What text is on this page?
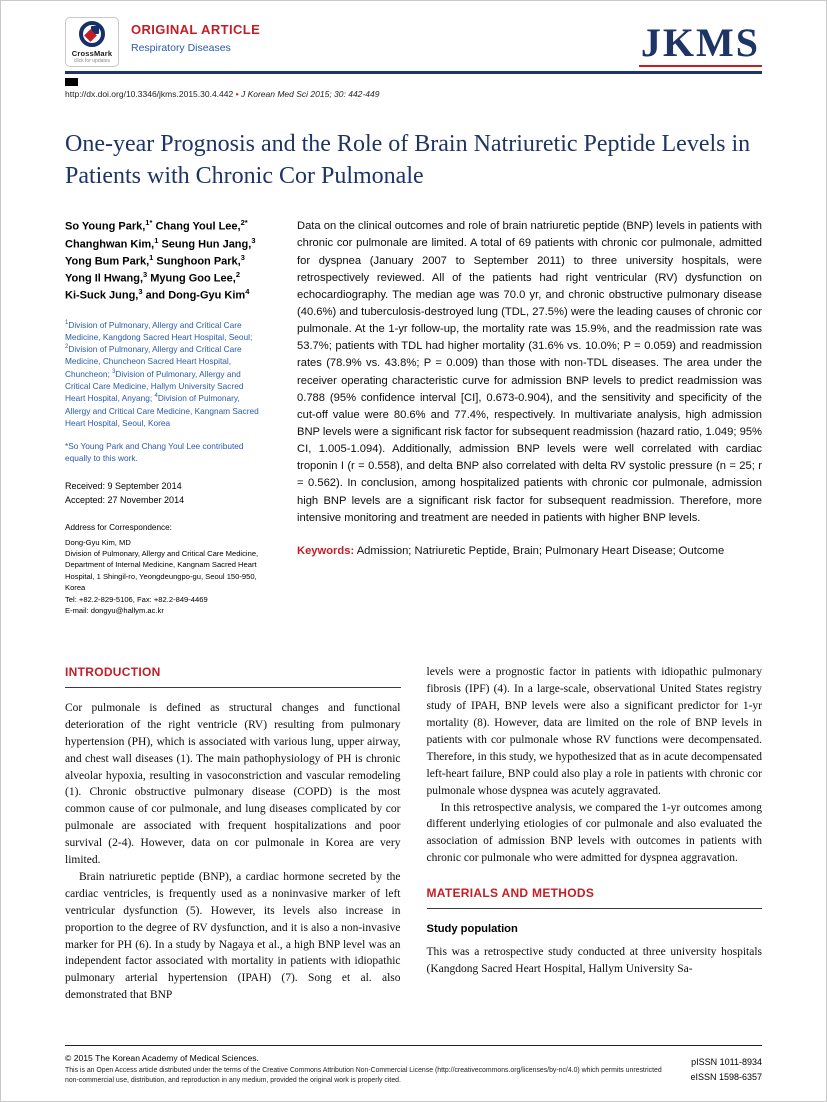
CrossMark
click for updates
ORIGINAL ARTICLE
Respiratory Diseases	JKMS
http://dx.doi.org/10.3346/jkms.2015.30.4.442 • J Korean Med Sci 2015; 30: 442-449
One-year Prognosis and the Role of Brain Natriuretic Peptide Levels in Patients with Chronic Cor Pulmonale
So Young Park,$^{1*}$ Chang Youl Lee,$^{2*}$
Changhwan Kim,$^1$ Seung Hun Jang,$^3$
Yong Bum Park,$^1$ Sunghoon Park,$^3$
Yong Il Hwang,$^3$ Myung Goo Lee,$^2$
Ki-Suck Jung,$^3$ and Dong-Gyu Kim$^4$

$^1$Division of Pulmonary, Allergy and Critical Care Medicine, Kangdong Sacred Heart Hospital, Seoul; $^2$Division of Pulmonary, Allergy and Critical Care Medicine, Chuncheon Sacred Heart Hospital, Chuncheon; $^3$Division of Pulmonary, Allergy and Critical Care Medicine, Hallym University Sacred Heart Hospital, Anyang; $^4$Division of Pulmonary, Allergy and Critical Care Medicine, Kangnam Sacred Heart Hospital, Seoul, Korea

*So Young Park and Chang Youl Lee contributed equally to this work.

Received: 9 September 2014
Accepted: 27 November 2014
Address for Correspondence:
Dong-Gyu Kim, MD
Division of Pulmonary, Allergy and Critical Care Medicine, Department of Internal Medicine, Kangnam Sacred Heart Hospital, 1 Shingil-ro, Yeongdeungpo-gu, Seoul 150-950, Korea
Tel: +82.2-829-5106, Fax: +82.2-849-4469
E-mail: dongyu@hallym.ac.kr

Data on the clinical outcomes and role of brain natriuretic peptide (BNP) levels in patients with chronic cor pulmonale are limited. A total of 69 patients with chronic cor pulmonale, admitted for dyspnea (January 2007 to September 2011) to three university hospitals, were retrospectively reviewed. All of the patients had right ventricular (RV) dysfunction on echocardiography. The median age was 70.0 yr, and chronic obstructive pulmonary disease (40.6%) and tuberculosis-destroyed lung (TDL, 27.5%) were the leading causes of chronic cor pulmonale. At the 1-yr follow-up, the mortality rate was 15.9%, and the readmission rate was 53.7%; patients with TDL had higher mortality (31.6% vs. 10.0%; P = 0.059) and readmission rates (78.9% vs. 43.8%; P = 0.009) than those with non-TDL diseases. The area under the receiver operating characteristic curve for admission BNP levels to predict readmission was 0.788 (95% confidence interval [CI], 0.673-0.904), and the sensitivity and specificity of the cut-off value were 80.6% and 77.4%, respectively. In multivariate analysis, high admission BNP levels were a significant risk factor for subsequent readmission (hazard ratio, 1.049; 95% CI, 1.005-1.094). Additionally, admission BNP levels were well correlated with cardiac troponin I (r = 0.558), and delta BNP also correlated with delta RV systolic pressure (n = 25; r = 0.562). In conclusion, among hospitalized patients with chronic cor pulmonale, admission high BNP levels are a significant risk factor for subsequent readmission. Therefore, more intensive monitoring and treatment are needed in patients with higher BNP levels.

Keywords: Admission; Natriuretic Peptide, Brain; Pulmonary Heart Disease; Outcome

INTRODUCTION

Cor pulmonale is defined as structural changes and functional deterioration of the right ventricle (RV) resulting from pulmonary hypertension (PH), which is associated with various lung, upper airway, and chest wall diseases (1). The main pathophysiology of PH is chronic alveolar hypoxia, resulting in vasoconstriction and vascular remodeling (1). Chronic obstructive pulmonary disease (COPD) is the most common cause of cor pulmonale, and lung diseases complicated by cor pulmonale are associated with frequent hospitalizations and poor survival (2-4). However, data on cor pulmonale in Korea are very limited.

Brain natriuretic peptide (BNP), a cardiac hormone secreted by the cardiac ventricles, is frequently used as a noninvasive marker of left ventricular dysfunction (5). However, its levels also increase in proportion to the degree of RV dysfunction, and it is also a non-invasive marker for PH (6). In a study by Nagaya et al., a high BNP level was an independent factor associated with mortality in patients with idiopathic pulmonary arterial hypertension (IPAH) (7). Song et al. also demonstrated that BNP

levels were a prognostic factor in patients with idiopathic pulmonary fibrosis (IPF) (4). In a large-scale, observational United States registry study of IPAH, BNP levels were also a significant predictor for 1-yr mortality (8). However, data are limited on the role of BNP levels in patients with cor pulmonale whose RV functions were decompensated. Therefore, in this study, we hypothesized that as in acute decompensated left-heart failure, BNP could also play a role in patients with chronic cor pulmonale whose dyspnea was acutely aggravated.

In this retrospective analysis, we compared the 1-yr outcomes among different underlying etiologies of cor pulmonale and also evaluated the association of admission BNP levels with outcomes in patients with chronic cor pulmonale who were admitted for dyspnea aggravation.

MATERIALS AND METHODS
Study population

This was a retrospective study conducted at three university hospitals (Kangdong Sacred Heart Hospital, Hallym University Sa-

© 2015 The Korean Academy of Medical Sciences.
This is an Open Access article distributed under the terms of the Creative Commons Attribution Non-Commercial License (http://creativecommons.org/licenses/by-nc/4.0) which permits unrestricted non-commercial use, distribution, and reproduction in any medium, provided the original work is properly cited.
pISSN 1011-8934
eISSN 1598-6357
